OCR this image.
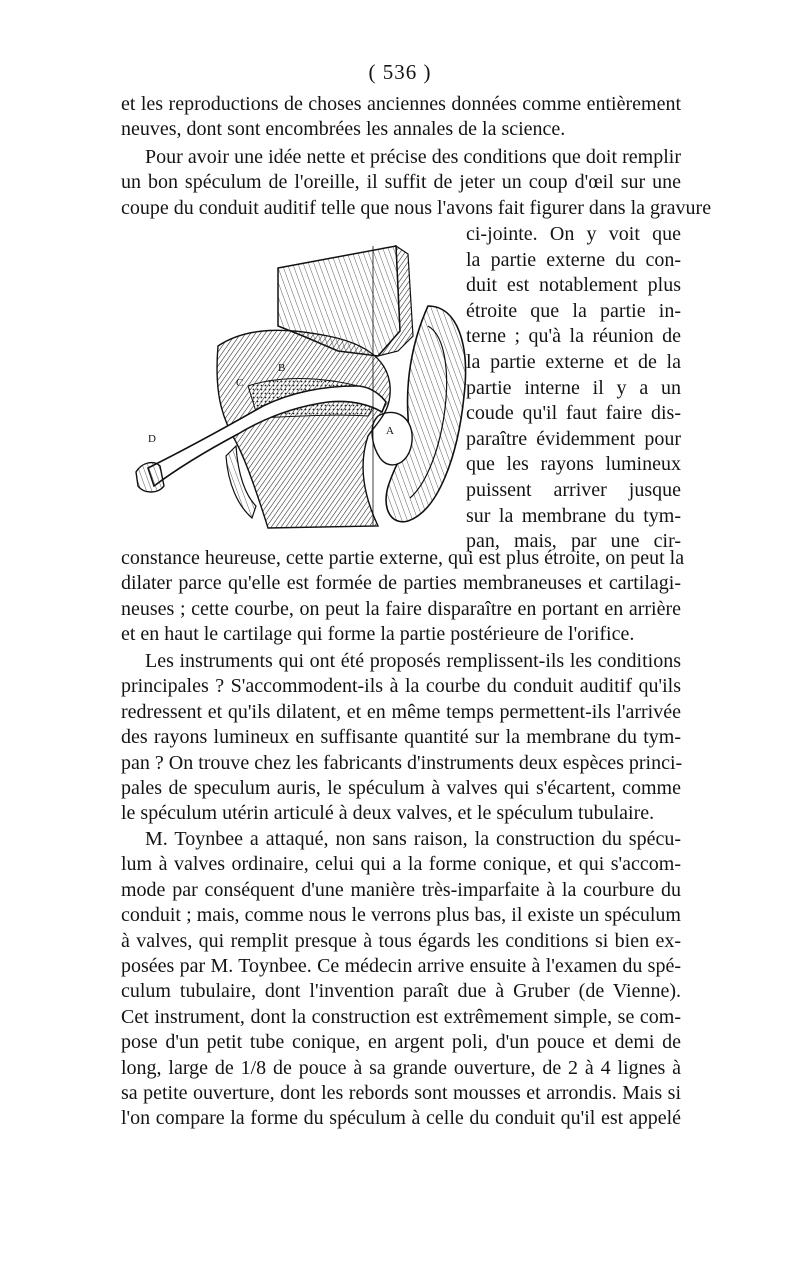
( 536 )
et les reproductions de choses anciennes données comme entièrement
neuves, dont sont encombrées les annales de la science.
Pour avoir une idée nette et précise des conditions que doit remplir
un bon spéculum de l'oreille, il suffit de jeter un coup d'œil sur une
coupe du conduit auditif telle que nous l'avons fait figurer dans la gravure
ci-jointe. On y voit que
la partie externe du con-
duit est notablement plus
étroite que la partie in-
terne ; qu'à la réunion de
la partie externe et de la
partie interne il y a un
coude qu'il faut faire dis-
paraître évidemment pour
que les rayons lumineux
puissent arriver jusque
sur la membrane du tym-
pan, mais, par une cir-
C
B
D
A
constance heureuse, cette partie externe, qui est plus étroite, on peut la
dilater parce qu'elle est formée de parties membraneuses et cartilagi-
neuses ; cette courbe, on peut la faire disparaître en portant en arrière
et en haut le cartilage qui forme la partie postérieure de l'orifice.
Les instruments qui ont été proposés remplissent-ils les conditions
principales ? S'accommodent-ils à la courbe du conduit auditif qu'ils
redressent et qu'ils dilatent, et en même temps permettent-ils l'arrivée
des rayons lumineux en suffisante quantité sur la membrane du tym-
pan ? On trouve chez les fabricants d'instruments deux espèces princi-
pales de speculum auris, le spéculum à valves qui s'écartent, comme
le spéculum utérin articulé à deux valves, et le spéculum tubulaire.
M. Toynbee a attaqué, non sans raison, la construction du spécu-
lum à valves ordinaire, celui qui a la forme conique, et qui s'accom-
mode par conséquent d'une manière très-imparfaite à la courbure du
conduit ; mais, comme nous le verrons plus bas, il existe un spéculum
à valves, qui remplit presque à tous égards les conditions si bien ex-
posées par M. Toynbee. Ce médecin arrive ensuite à l'examen du spé-
culum tubulaire, dont l'invention paraît due à Gruber (de Vienne).
Cet instrument, dont la construction est extrêmement simple, se com-
pose d'un petit tube conique, en argent poli, d'un pouce et demi de
long, large de 1/8 de pouce à sa grande ouverture, de 2 à 4 lignes à
sa petite ouverture, dont les rebords sont mousses et arrondis. Mais si
l'on compare la forme du spéculum à celle du conduit qu'il est appelé
